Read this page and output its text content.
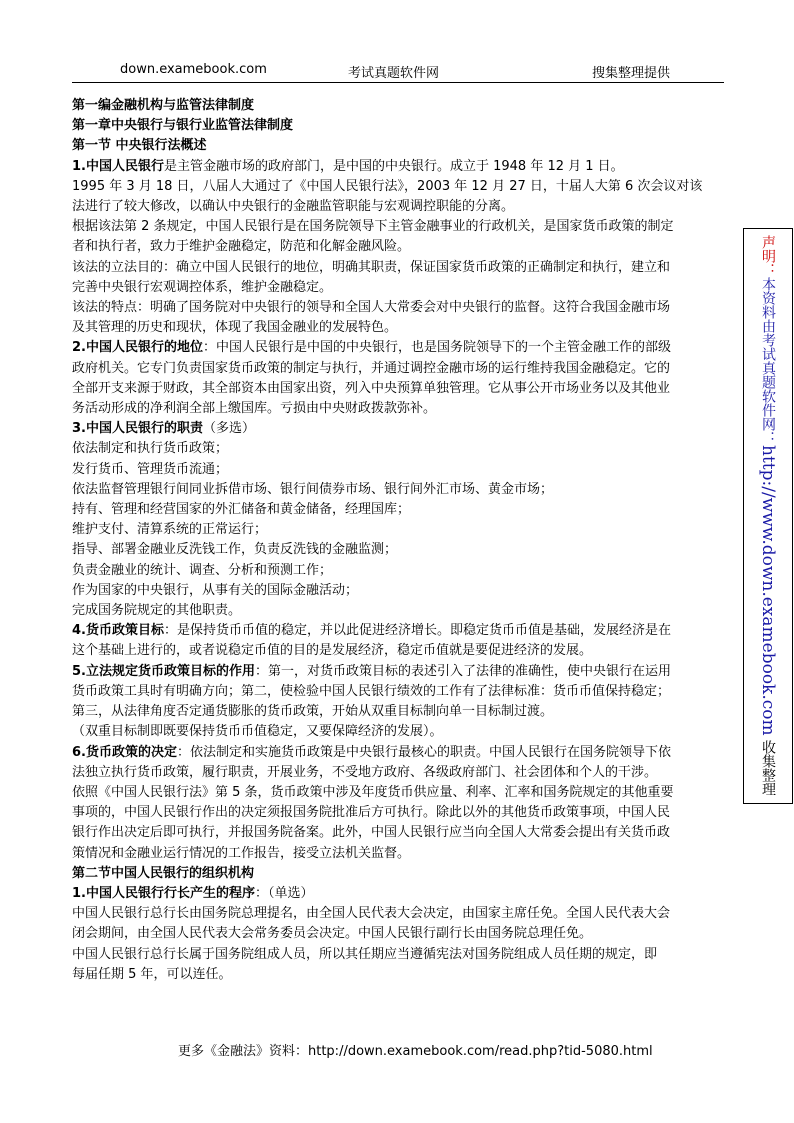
down.examebook.com	考试真题软件网	搜集整理提供

第一编金融机构与监管法律制度

第一章中央银行与银行业监管法律制度

第一节 中央银行法概述

1.中国人民银行是主管金融市场的政府部门，是中国的中央银行。成立于 1948 年 12 月 1 日。

1995 年 3 月 18 日，八届人大通过了《中国人民银行法》，2003 年 12 月 27 日，十届人大第 6 次会议对该

法进行了较大修改，以确认中央银行的金融监管职能与宏观调控职能的分离。

根据该法第 2 条规定，中国人民银行是在国务院领导下主管金融事业的行政机关，是国家货币政策的制定

者和执行者，致力于维护金融稳定，防范和化解金融风险。

该法的立法目的：确立中国人民银行的地位，明确其职责，保证国家货币政策的正确制定和执行，建立和

完善中央银行宏观调控体系，维护金融稳定。

该法的特点：明确了国务院对中央银行的领导和全国人大常委会对中央银行的监督。这符合我国金融市场

及其管理的历史和现状，体现了我国金融业的发展特色。

2.中国人民银行的地位：中国人民银行是中国的中央银行，也是国务院领导下的一个主管金融工作的部级

政府机关。它专门负责国家货币政策的制定与执行，并通过调控金融市场的运行维持我国金融稳定。它的

全部开支来源于财政，其全部资本由国家出资，列入中央预算单独管理。它从事公开市场业务以及其他业

务活动形成的净利润全部上缴国库。亏损由中央财政拨款弥补。

3.中国人民银行的职责（多选）

依法制定和执行货币政策；

发行货币、管理货币流通；

依法监督管理银行间同业拆借市场、银行间债券市场、银行间外汇市场、黄金市场；

持有、管理和经营国家的外汇储备和黄金储备，经理国库；

维护支付、清算系统的正常运行；

指导、部署金融业反洗钱工作，负责反洗钱的金融监测；

负责金融业的统计、调查、分析和预测工作；

作为国家的中央银行，从事有关的国际金融活动；

完成国务院规定的其他职责。

4.货币政策目标：是保持货币币值的稳定，并以此促进经济增长。即稳定货币币值是基础，发展经济是在

这个基础上进行的，或者说稳定币值的目的是发展经济，稳定币值就是要促进经济的发展。

5.立法规定货币政策目标的作用：第一，对货币政策目标的表述引入了法律的准确性，使中央银行在运用

货币政策工具时有明确方向；第二，使检验中国人民银行绩效的工作有了法律标准：货币币值保持稳定；

第三，从法律角度否定通货膨胀的货币政策，开始从双重目标制向单一目标制过渡。

（双重目标制即既要保持货币币值稳定，又要保障经济的发展）。

6.货币政策的决定：依法制定和实施货币政策是中央银行最核心的职责。中国人民银行在国务院领导下依

法独立执行货币政策，履行职责，开展业务，不受地方政府、各级政府部门、社会团体和个人的干涉。

依照《中国人民银行法》第 5 条，货币政策中涉及年度货币供应量、利率、汇率和国务院规定的其他重要

事项的，中国人民银行作出的决定须报国务院批准后方可执行。除此以外的其他货币政策事项，中国人民

银行作出决定后即可执行，并报国务院备案。此外，中国人民银行应当向全国人大常委会提出有关货币政

策情况和金融业运行情况的工作报告，接受立法机关监督。

第二节中国人民银行的组织机构

1.中国人民银行行长产生的程序：（单选）

中国人民银行总行长由国务院总理提名，由全国人民代表大会决定，由国家主席任免。全国人民代表大会

闭会期间，由全国人民代表大会常务委员会决定。中国人民银行副行长由国务院总理任免。

中国人民银行总行长属于国务院组成人员，所以其任期应当遵循宪法对国务院组成人员任期的规定，即

每届任期 5 年，可以连任。

声明：本资料由考试真题软件网：http://www.down.examebook.com 收集整理
更多《金融法》资料：http://down.examebook.com/read.php?tid-5080.html
